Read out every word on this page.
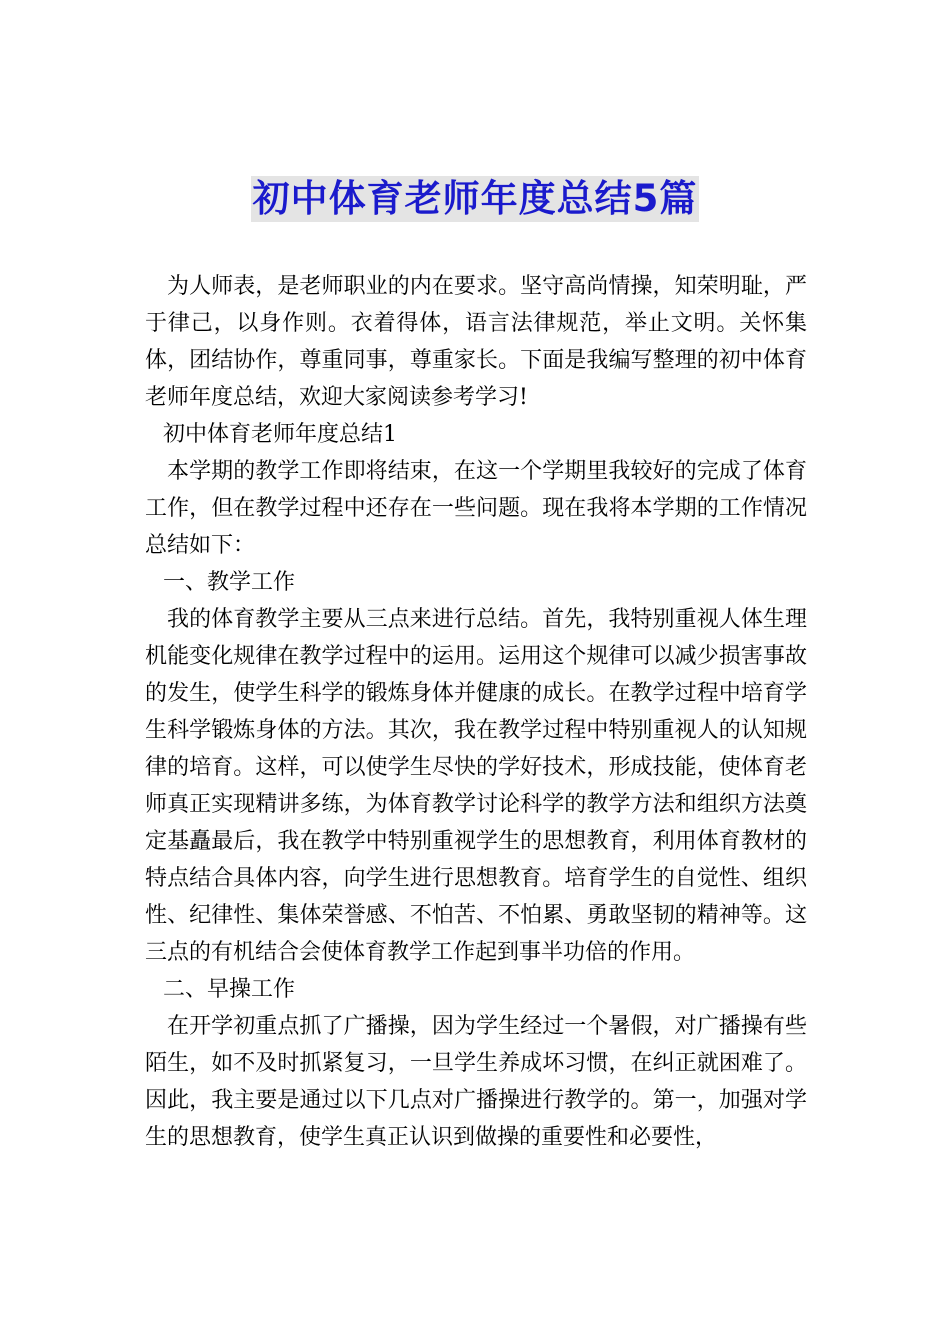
初中体育老师年度总结5篇

为人师表，是老师职业的内在要求。坚守高尚情操，知荣明耻，严于律己，以身作则。衣着得体，语言法律规范，举止文明。关怀集体，团结协作，尊重同事，尊重家长。下面是我编写整理的初中体育老师年度总结，欢迎大家阅读参考学习!

初中体育老师年度总结1

本学期的教学工作即将结束，在这一个学期里我较好的完成了体育工作，但在教学过程中还存在一些问题。现在我将本学期的工作情况总结如下：

一、教学工作

我的体育教学主要从三点来进行总结。首先，我特别重视人体生理机能变化规律在教学过程中的运用。运用这个规律可以减少损害事故的发生，使学生科学的锻炼身体并健康的成长。在教学过程中培育学生科学锻炼身体的方法。其次，我在教学过程中特别重视人的认知规律的培育。这样，可以使学生尽快的学好技术，形成技能，使体育老师真正实现精讲多练，为体育教学讨论科学的教学方法和组织方法奠定基矗最后，我在教学中特别重视学生的思想教育，利用体育教材的特点结合具体内容，向学生进行思想教育。培育学生的自觉性、组织性、纪律性、集体荣誉感、不怕苦、不怕累、勇敢坚韧的精神等。这三点的有机结合会使体育教学工作起到事半功倍的作用。

二、早操工作

在开学初重点抓了广播操，因为学生经过一个暑假，对广播操有些陌生，如不及时抓紧复习，一旦学生养成坏习惯，在纠正就困难了。因此，我主要是通过以下几点对广播操进行教学的。第一，加强对学生的思想教育，使学生真正认识到做操的重要性和必要性，
